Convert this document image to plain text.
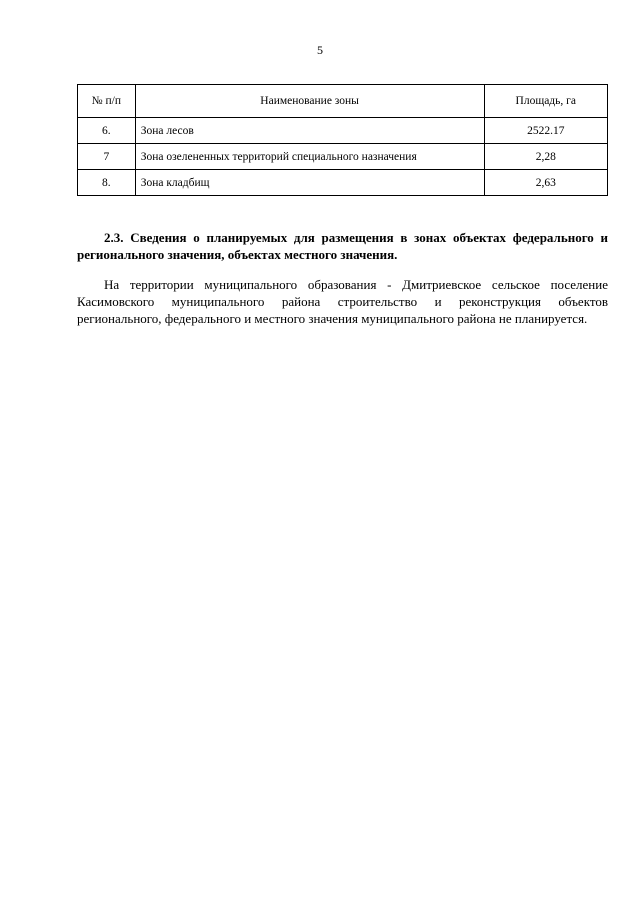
5
№ п/п	Наименование зоны	Площадь, га
6.	Зона лесов	2522.17
7	Зона озелененных территорий специального назначения	2,28
8.	Зона кладбищ	2,63

2.3. Сведения о планируемых для размещения в зонах объектах федерального и регионального значения, объектах местного значения.

На территории муниципального образования - Дмитриевское сельское поселение Касимовского муниципального района строительство и реконструкция объектов регионального, федерального и местного значения муниципального района не планируется.
